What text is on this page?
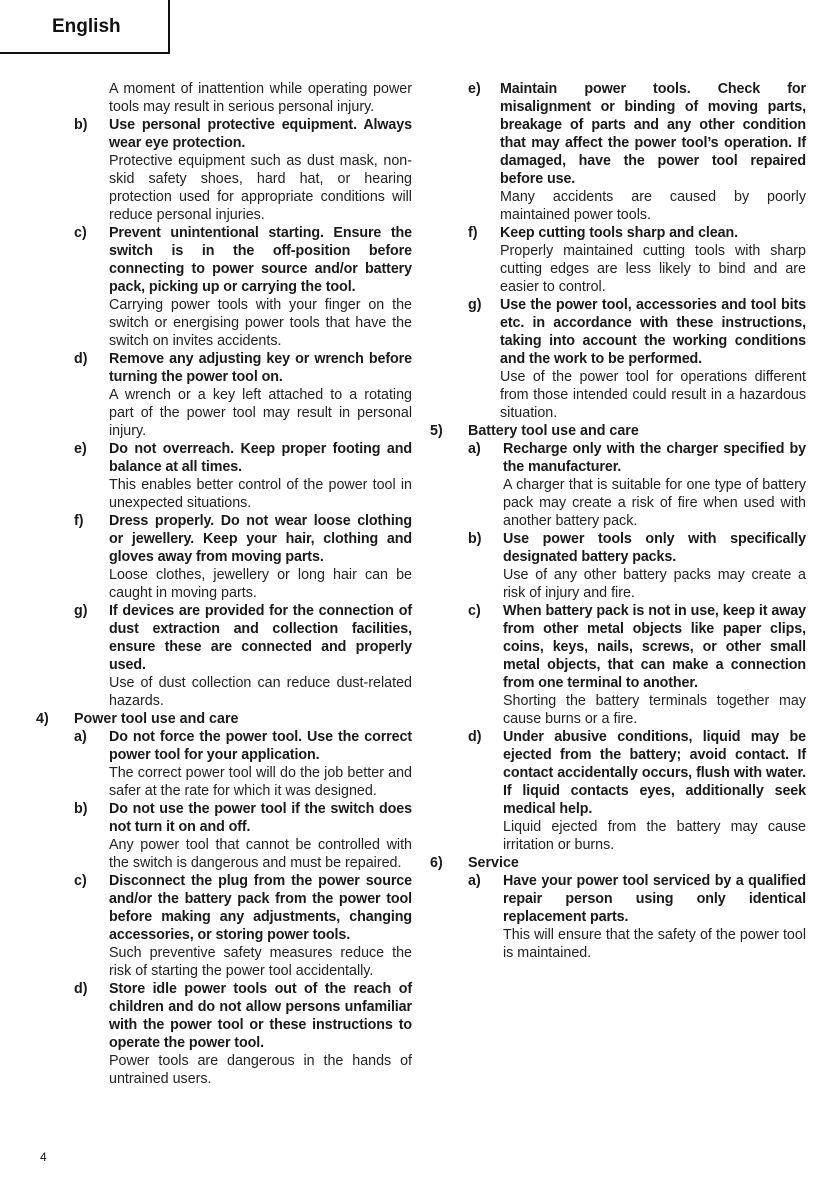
English
A moment of inattention while operating power tools may result in serious personal injury.
b)	Use personal protective equipment. Always wear eye protection.
Protective equipment such as dust mask, non-skid safety shoes, hard hat, or hearing protection used for appropriate conditions will reduce personal injuries.
c)	Prevent unintentional starting. Ensure the switch is in the off-position before connecting to power source and/or battery pack, picking up or carrying the tool.
Carrying power tools with your finger on the switch or energising power tools that have the switch on invites accidents.
d)	Remove any adjusting key or wrench before turning the power tool on.
A wrench or a key left attached to a rotating part of the power tool may result in personal injury.
e)	Do not overreach. Keep proper footing and balance at all times.
This enables better control of the power tool in unexpected situations.
f)	Dress properly. Do not wear loose clothing or jewellery. Keep your hair, clothing and gloves away from moving parts.
Loose clothes, jewellery or long hair can be caught in moving parts.
g)	If devices are provided for the connection of dust extraction and collection facilities, ensure these are connected and properly used.
Use of dust collection can reduce dust-related hazards.
4) Power tool use and care
a)	Do not force the power tool. Use the correct power tool for your application.
The correct power tool will do the job better and safer at the rate for which it was designed.
b)	Do not use the power tool if the switch does not turn it on and off.
Any power tool that cannot be controlled with the switch is dangerous and must be repaired.
c)	Disconnect the plug from the power source and/or the battery pack from the power tool before making any adjustments, changing accessories, or storing power tools.
Such preventive safety measures reduce the risk of starting the power tool accidentally.
d)	Store idle power tools out of the reach of children and do not allow persons unfamiliar with the power tool or these instructions to operate the power tool.
Power tools are dangerous in the hands of untrained users.
e)	Maintain power tools. Check for misalignment or binding of moving parts, breakage of parts and any other condition that may affect the power tool’s operation. If damaged, have the power tool repaired before use.
Many accidents are caused by poorly maintained power tools.
f)	Keep cutting tools sharp and clean.
Properly maintained cutting tools with sharp cutting edges are less likely to bind and are easier to control.
g)	Use the power tool, accessories and tool bits etc. in accordance with these instructions, taking into account the working conditions and the work to be performed.
Use of the power tool for operations different from those intended could result in a hazardous situation.
5) Battery tool use and care
a)	Recharge only with the charger specified by the manufacturer.
A charger that is suitable for one type of battery pack may create a risk of fire when used with another battery pack.
b)	Use power tools only with specifically designated battery packs.
Use of any other battery packs may create a risk of injury and fire.
c)	When battery pack is not in use, keep it away from other metal objects like paper clips, coins, keys, nails, screws, or other small metal objects, that can make a connection from one terminal to another.
Shorting the battery terminals together may cause burns or a fire.
d)	Under abusive conditions, liquid may be ejected from the battery; avoid contact. If contact accidentally occurs, flush with water. If liquid contacts eyes, additionally seek medical help.
Liquid ejected from the battery may cause irritation or burns.
6) Service
a)	Have your power tool serviced by a qualified repair person using only identical replacement parts.
This will ensure that the safety of the power tool is maintained.
4
